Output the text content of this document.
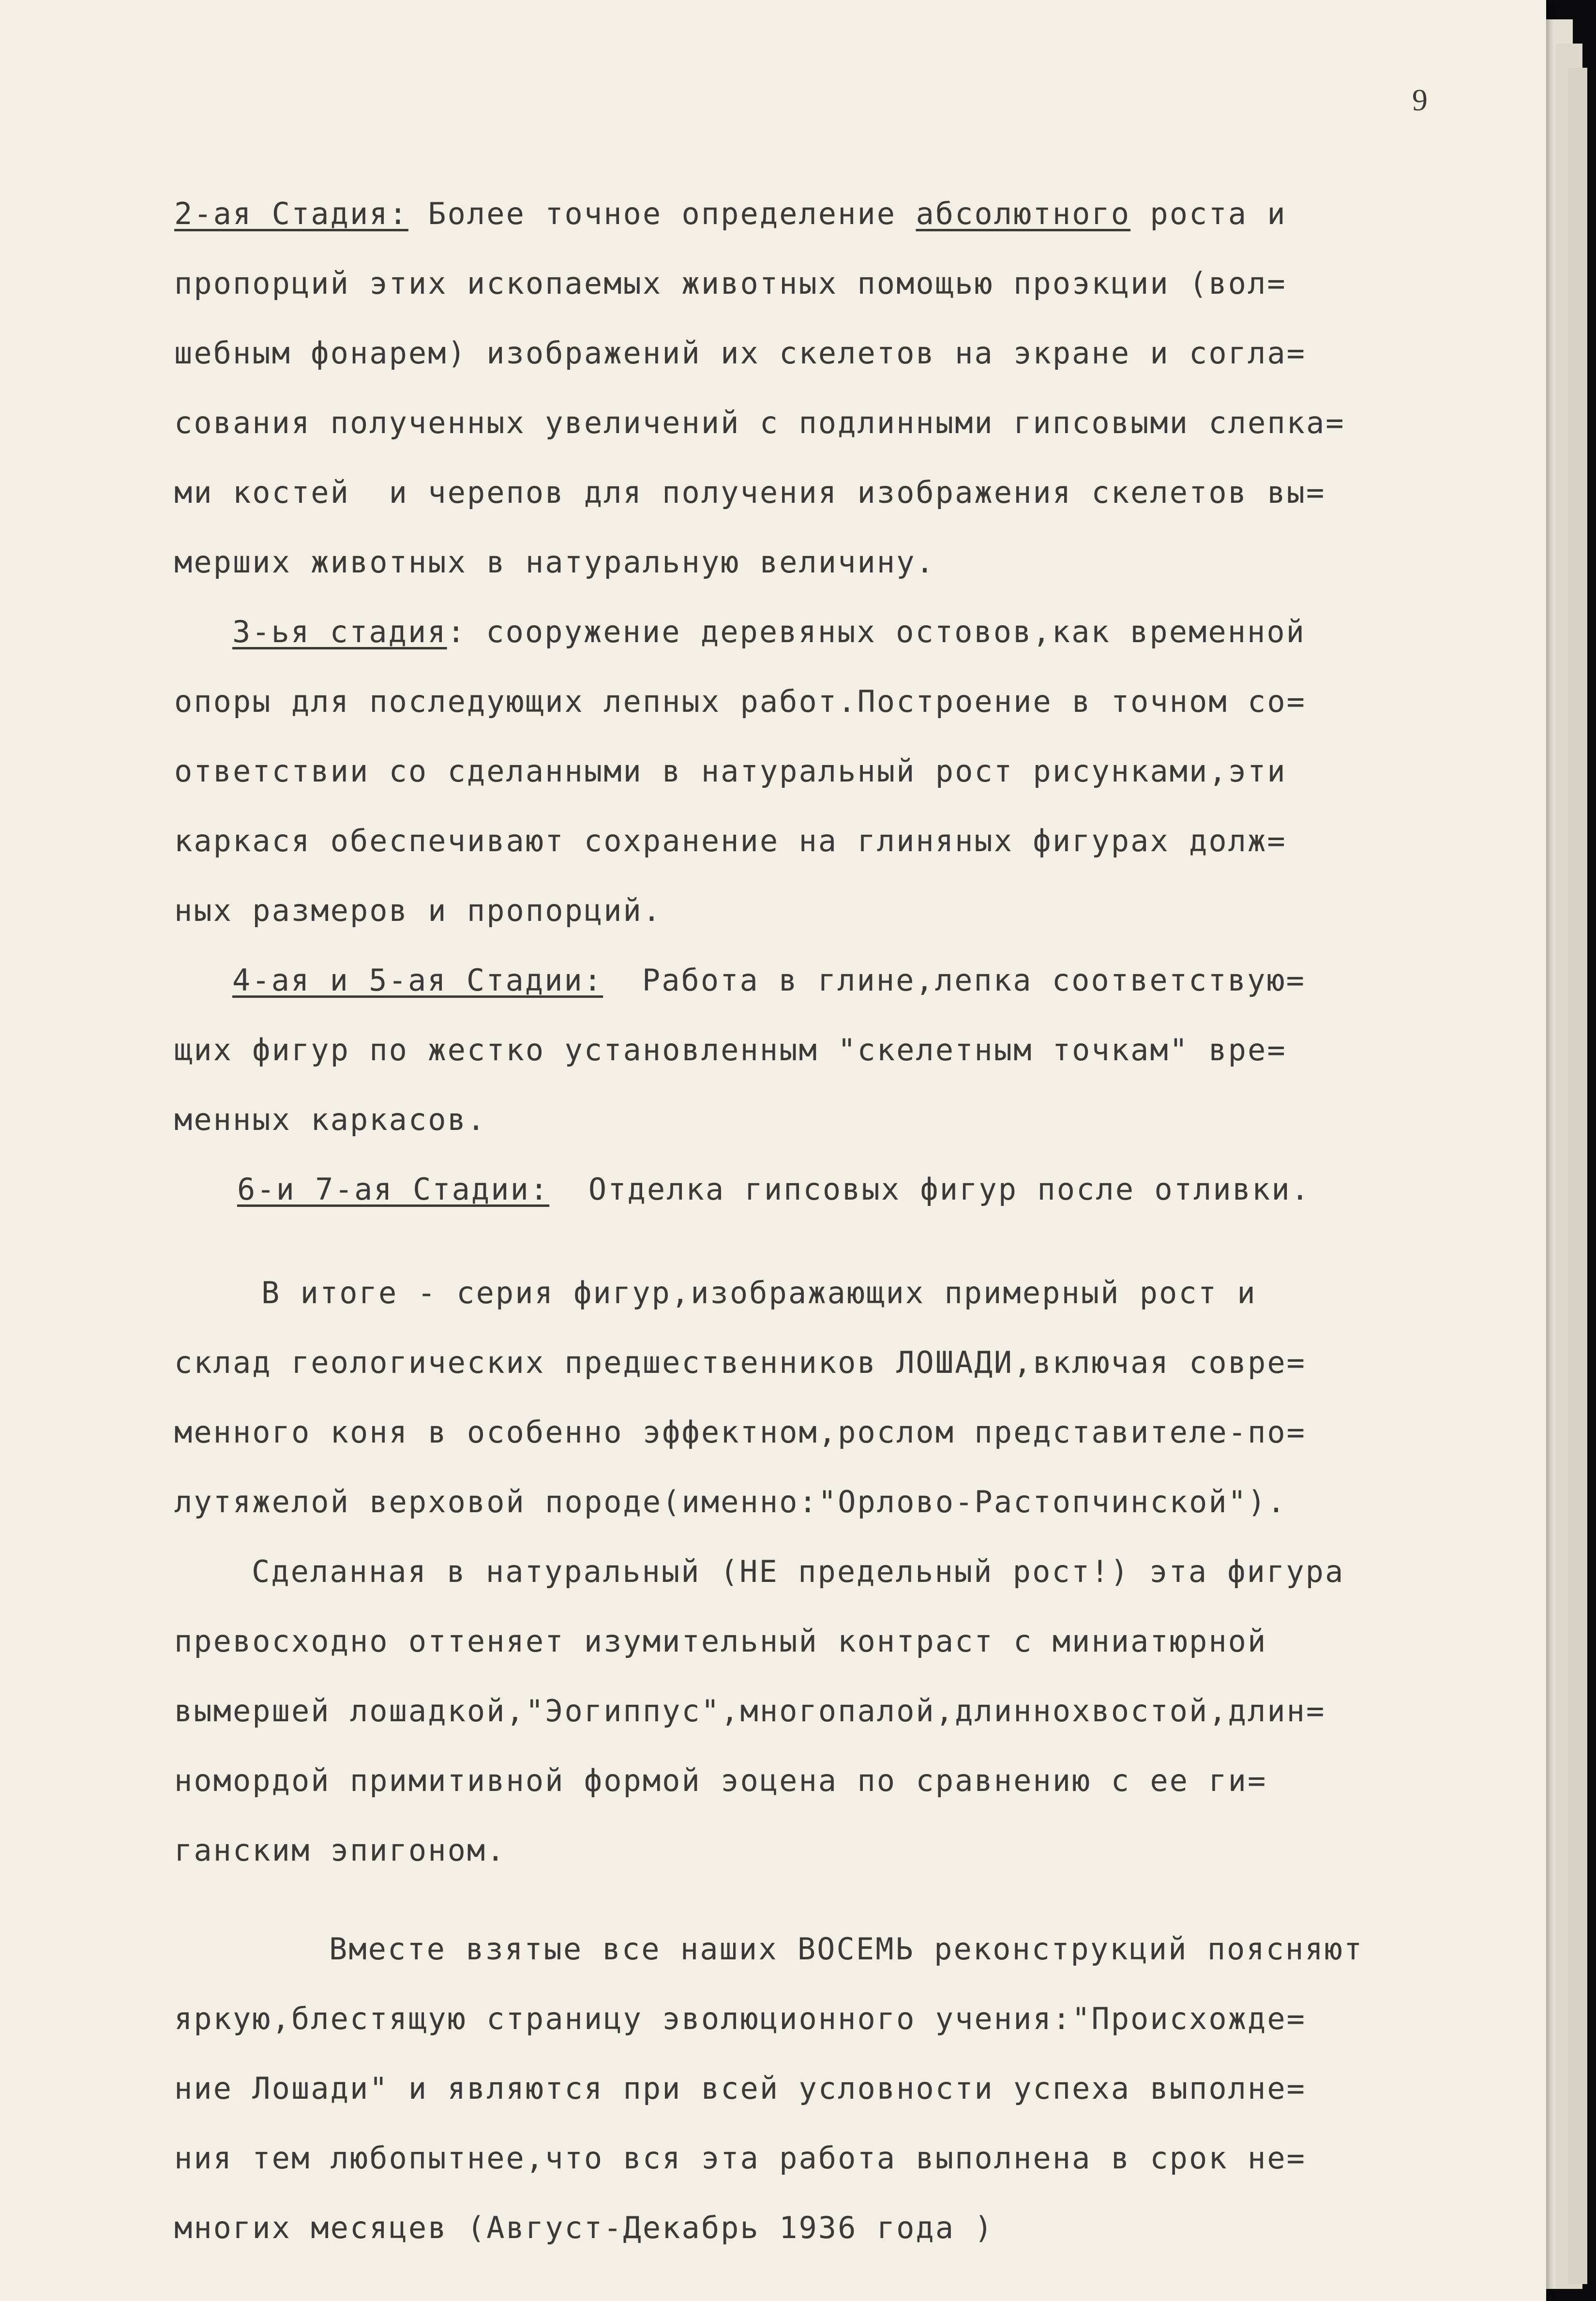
9
2-ая Стадия: Более точное определение абсолютного роста и
пропорций этих ископаемых животных помощью проэкции (вол=
шебным фонарем) изображений их скелетов на экране и согла=
сования полученных увеличений с подлинными гипсовыми слепка=
ми костей  и черепов для получения изображения скелетов вы=
мерших животных в натуральную величину.
3-ья стадия: сооружение деревяных остовов,как временной
опоры для последующих лепных работ.Построение в точном со=
ответствии со сделанными в натуральный рост рисунками,эти
каркася обеспечивают сохранение на глиняных фигурах долж=
ных размеров и пропорций.
4-ая и 5-ая Стадии:  Работа в глине,лепка соответствую=
щих фигур по жестко установленным "скелетным точкам" вре=
менных каркасов.
6-и 7-ая Стадии:  Отделка гипсовых фигур после отливки.
В итоге - серия фигур,изображающих примерный рост и
склад геологических предшественников ЛОШАДИ,включая совре=
менного коня в особенно эффектном,рослом представителе-по=
лутяжелой верховой породе(именно:"Орлово-Растопчинской").
Сделанная в натуральный (НЕ предельный рост!) эта фигура
превосходно оттеняет изумительный контраст с миниатюрной
вымершей лошадкой,"Эогиппус",многопалой,длиннохвостой,длин=
номордой примитивной формой эоцена по сравнению с ее ги=
ганским эпигоном.
Вместе взятые все наших ВОСЕМЬ реконструкций поясняют
яркую,блестящую страницу эволюционного учения:"Происхожде=
ние Лошади" и являются при всей условности успеха выполне=
ния тем любопытнее,что вся эта работа выполнена в срок не=
многих месяцев (Август-Декабрь 1936 года )
